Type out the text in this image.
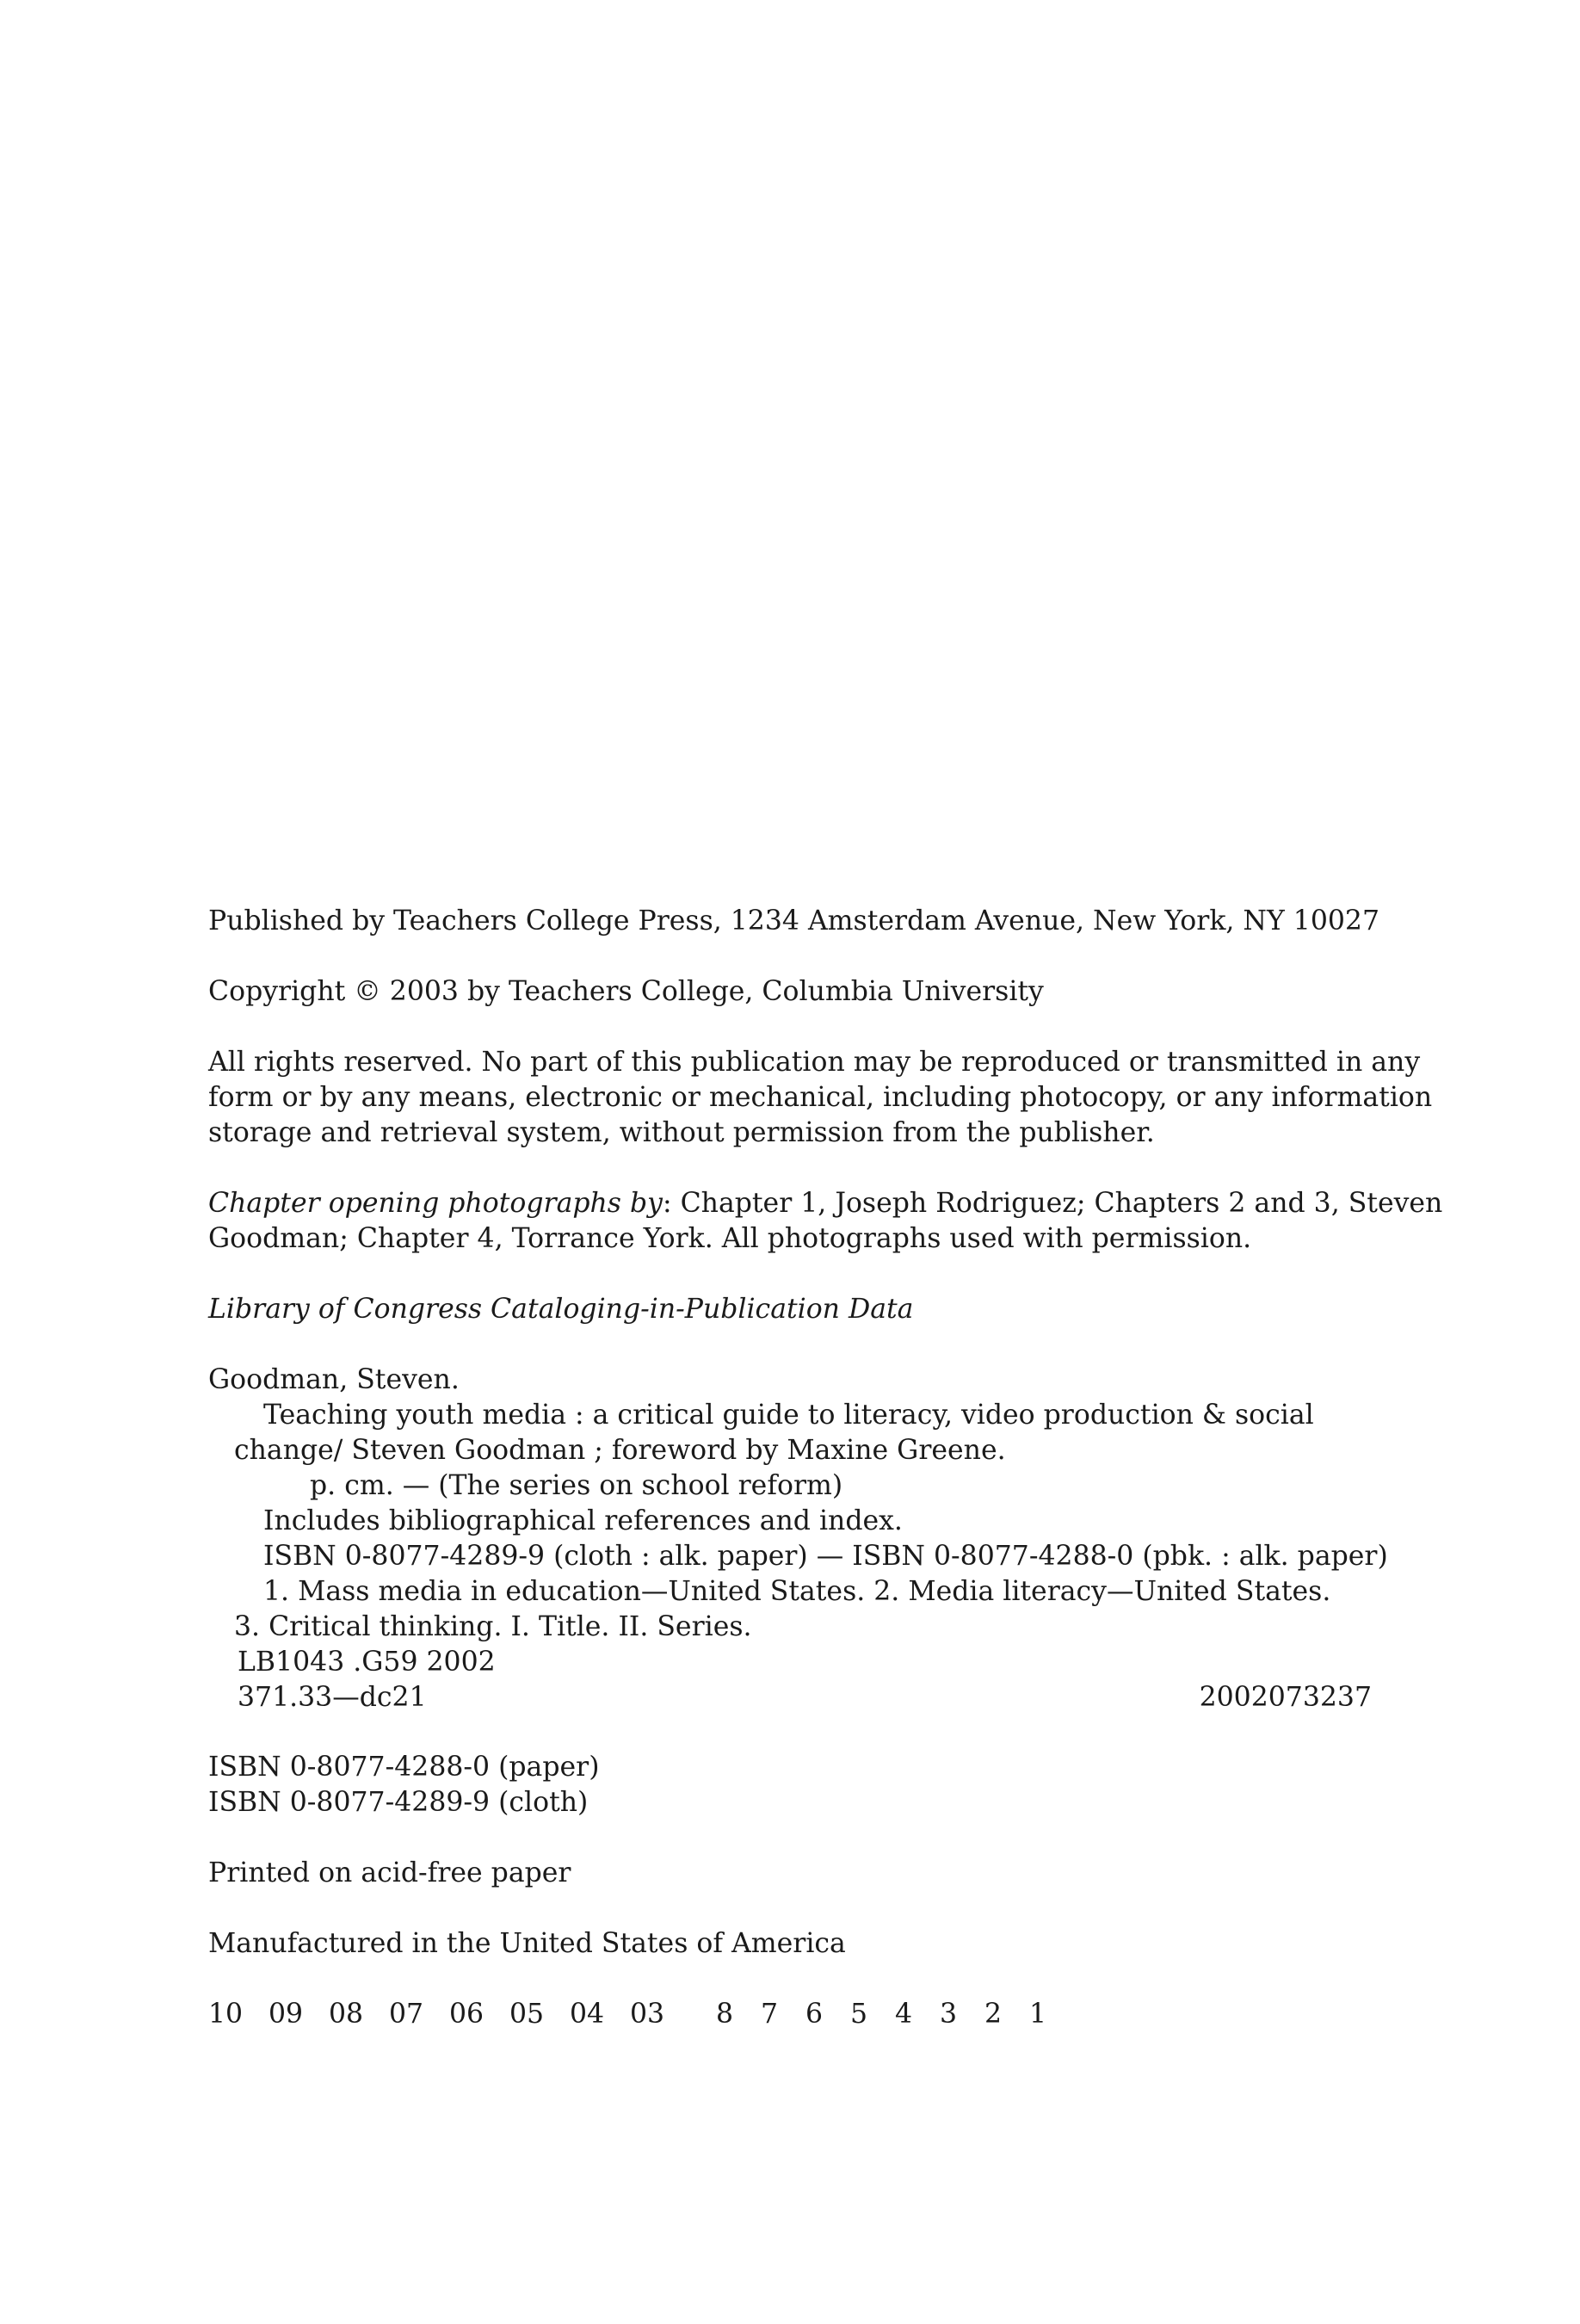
Published by Teachers College Press, 1234 Amsterdam Avenue, New York, NY 10027

Copyright © 2003 by Teachers College, Columbia University

All rights reserved. No part of this publication may be reproduced or transmitted in any
form or by any means, electronic or mechanical, including photocopy, or any information
storage and retrieval system, without permission from the publisher.

Chapter opening photographs by: Chapter 1, Joseph Rodriguez; Chapters 2 and 3, Steven
Goodman; Chapter 4, Torrance York. All photographs used with permission.

Library of Congress Cataloging-in-Publication Data

Goodman, Steven.
Teaching youth media : a critical guide to literacy, video production & social
change/ Steven Goodman ; foreword by Maxine Greene.
p. cm. — (The series on school reform)
Includes bibliographical references and index.
ISBN 0-8077-4289-9 (cloth : alk. paper) — ISBN 0-8077-4288-0 (pbk. : alk. paper)
1. Mass media in education—United States. 2. Media literacy—United States.
3. Critical thinking. I. Title. II. Series.
LB1043 .G59 2002
371.33—dc21	2002073237

ISBN 0-8077-4288-0 (paper)
ISBN 0-8077-4289-9 (cloth)

Printed on acid-free paper

Manufactured in the United States of America

10 09 08 07 06 05 04 03	8	7	6	5	4	3	2	1
